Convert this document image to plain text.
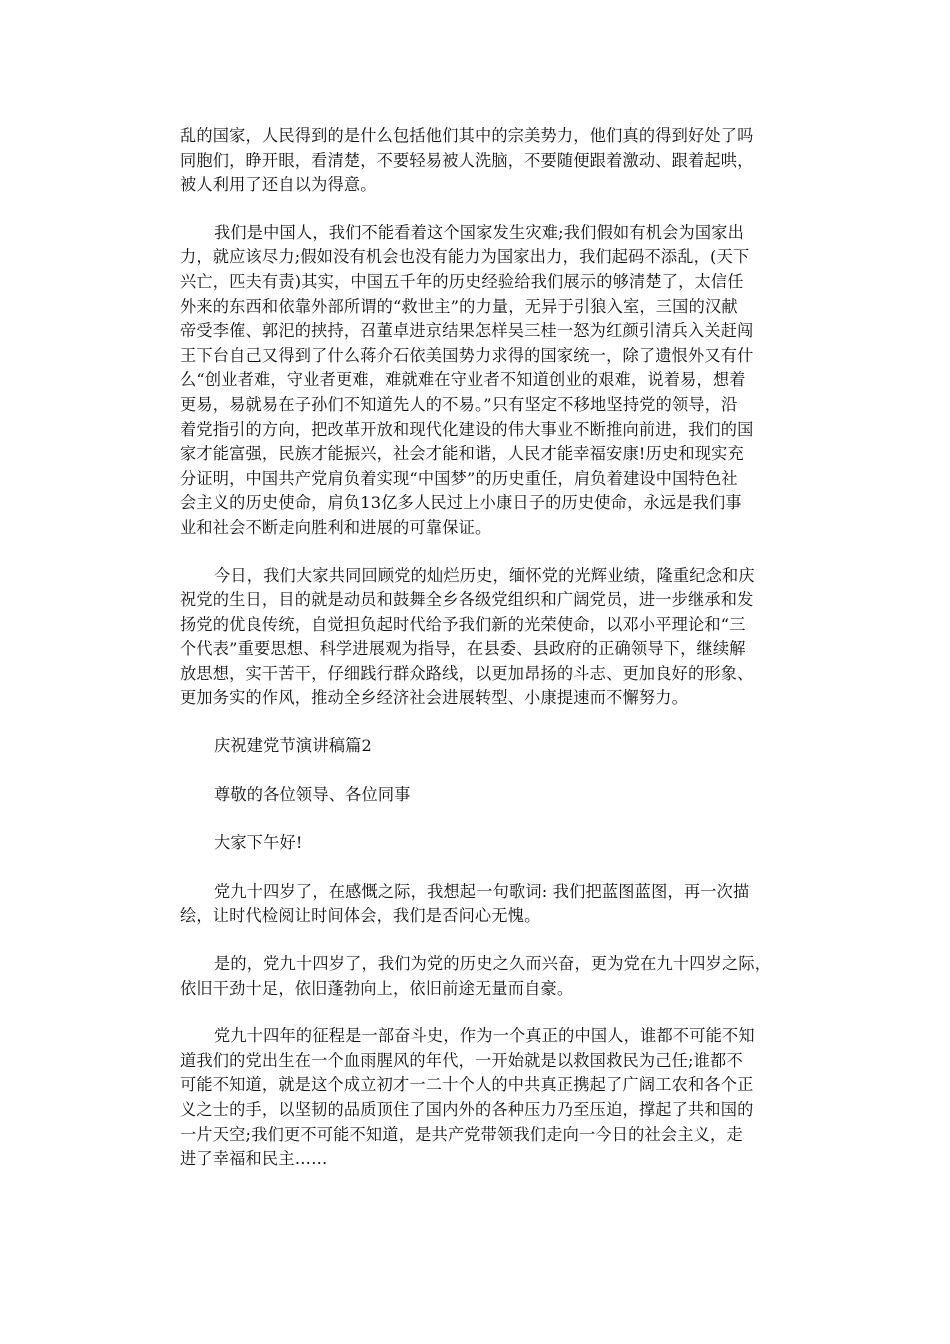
乱的国家，人民得到的是什么包括他们其中的宗美势力，他们真的得到好处了吗
同胞们，睁开眼，看清楚，不要轻易被人洗脑，不要随便跟着激动、跟着起哄，
被人利用了还自以为得意。
我们是中国人，我们不能看着这个国家发生灾难;我们假如有机会为国家出
力，就应该尽力;假如没有机会也没有能力为国家出力，我们起码不添乱，(天下
兴亡，匹夫有责)其实，中国五千年的历史经验给我们展示的够清楚了，太信任
外来的东西和依靠外部所谓的“救世主”的力量，无异于引狼入室，三国的汉献
帝受李傕、郭汜的挟持，召董卓进京结果怎样吴三桂一怒为红颜引清兵入关赶闯
王下台自己又得到了什么蒋介石依美国势力求得的国家统一，除了遗恨外又有什
么“创业者难，守业者更难，难就难在守业者不知道创业的艰难，说着易，想着
更易，易就易在子孙们不知道先人的不易。”只有坚定不移地坚持党的领导，沿
着党指引的方向，把改革开放和现代化建设的伟大事业不断推向前进，我们的国
家才能富强，民族才能振兴，社会才能和谐，人民才能幸福安康!历史和现实充
分证明，中国共产党肩负着实现“中国梦”的历史重任，肩负着建设中国特色社
会主义的历史使命，肩负13亿多人民过上小康日子的历史使命，永远是我们事
业和社会不断走向胜利和进展的可靠保证。
今日，我们大家共同回顾党的灿烂历史，缅怀党的光辉业绩，隆重纪念和庆
祝党的生日，目的就是动员和鼓舞全乡各级党组织和广阔党员，进一步继承和发
扬党的优良传统，自觉担负起时代给予我们新的光荣使命，以邓小平理论和“三
个代表”重要思想、科学进展观为指导，在县委、县政府的正确领导下，继续解
放思想，实干苦干，仔细践行群众路线，以更加昂扬的斗志、更加良好的形象、
更加务实的作风，推动全乡经济社会进展转型、小康提速而不懈努力。
庆祝建党节演讲稿篇2
尊敬的各位领导、各位同事
大家下午好!
党九十四岁了，在感慨之际，我想起一句歌词: 我们把蓝图蓝图，再一次描
绘，让时代检阅让时间体会，我们是否问心无愧。
是的，党九十四岁了，我们为党的历史之久而兴奋，更为党在九十四岁之际，
依旧干劲十足，依旧蓬勃向上，依旧前途无量而自豪。
党九十四年的征程是一部奋斗史，作为一个真正的中国人，谁都不可能不知
道我们的党出生在一个血雨腥风的年代，一开始就是以救国救民为己任;谁都不
可能不知道，就是这个成立初才一二十个人的中共真正携起了广阔工农和各个正
义之士的手，以坚韧的品质顶住了国内外的各种压力乃至压迫，撑起了共和国的
一片天空;我们更不可能不知道，是共产党带领我们走向一今日的社会主义，走
进了幸福和民主……
